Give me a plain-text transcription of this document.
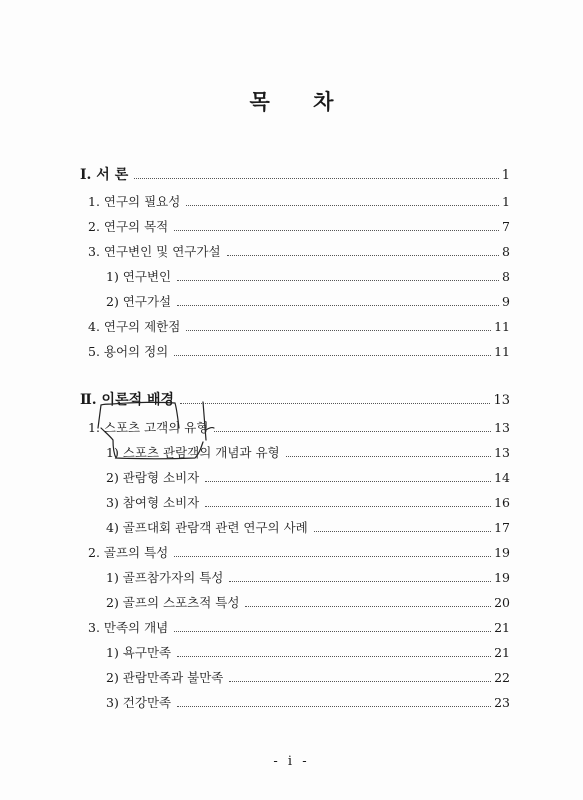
목 차
Ⅰ. 서 론	1
1. 연구의 필요성	1
2. 연구의 목적	7
3. 연구변인 및 연구가설	8
1) 연구변인	8
2) 연구가설	9
4. 연구의 제한점	11
5. 용어의 정의	11
Ⅱ. 이론적 배경	13
1. 스포츠 고객의 유형	13
1) 스포츠 관람객의 개념과 유형	13
2) 관람형 소비자	14
3) 참여형 소비자	16
4) 골프대회 관람객 관련 연구의 사례	17
2. 골프의 특성	19
1) 골프참가자의 특성	19
2) 골프의 스포츠적 특성	20
3. 만족의 개념	21
1) 욕구만족	21
2) 관람만족과 불만족	22
3) 건강만족	23
- i -
